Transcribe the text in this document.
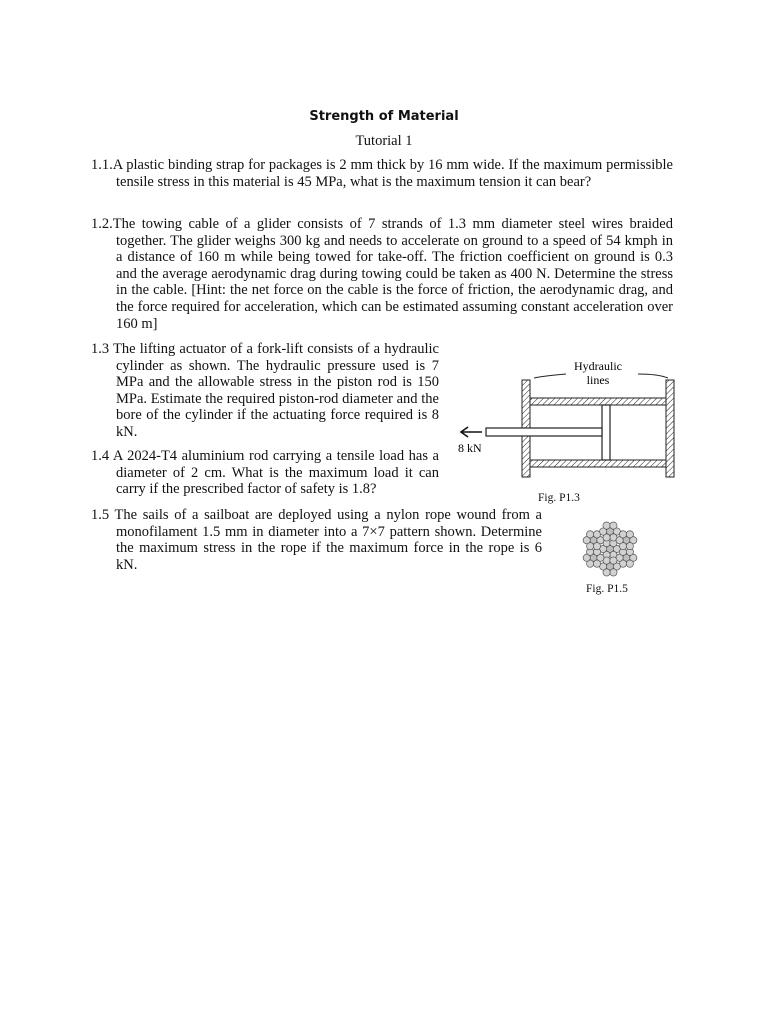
Strength of Material
Tutorial 1
1.1.A plastic binding strap for packages is 2 mm thick by 16 mm wide. If the maximum permissible tensile stress in this material is 45 MPa, what is the maximum tension it can bear?
1.2.The towing cable of a glider consists of 7 strands of 1.3 mm diameter steel wires braided together. The glider weighs 300 kg and needs to accelerate on ground to a speed of 54 kmph in a distance of 160 m while being towed for take-off. The friction coefficient on ground is 0.3 and the average aerodynamic drag during towing could be taken as 400 N. Determine the stress in the cable. [Hint: the net force on the cable is the force of friction, the aerodynamic drag, and the force required for acceleration, which can be estimated assuming constant acceleration over 160 m]
1.3 The lifting actuator of a fork-lift consists of a hydraulic cylinder as shown. The hydraulic pressure used is 7 MPa and the allowable stress in the piston rod is 150 MPa. Estimate the required piston-rod diameter and the bore of the cylinder if the actuating force required is 8 kN.
1.4 A 2024-T4 aluminium rod carrying a tensile load has a diameter of 2 cm. What is the maximum load it can carry if the prescribed factor of safety is 1.8?
1.5 The sails of a sailboat are deployed using a nylon rope wound from a monofilament 1.5 mm in diameter into a 7×7 pattern shown. Determine the maximum stress in the rope if the maximum force in the rope is 6 kN.
Hydraulic
lines
8 kN
Fig. P1.3
Fig. P1.5
